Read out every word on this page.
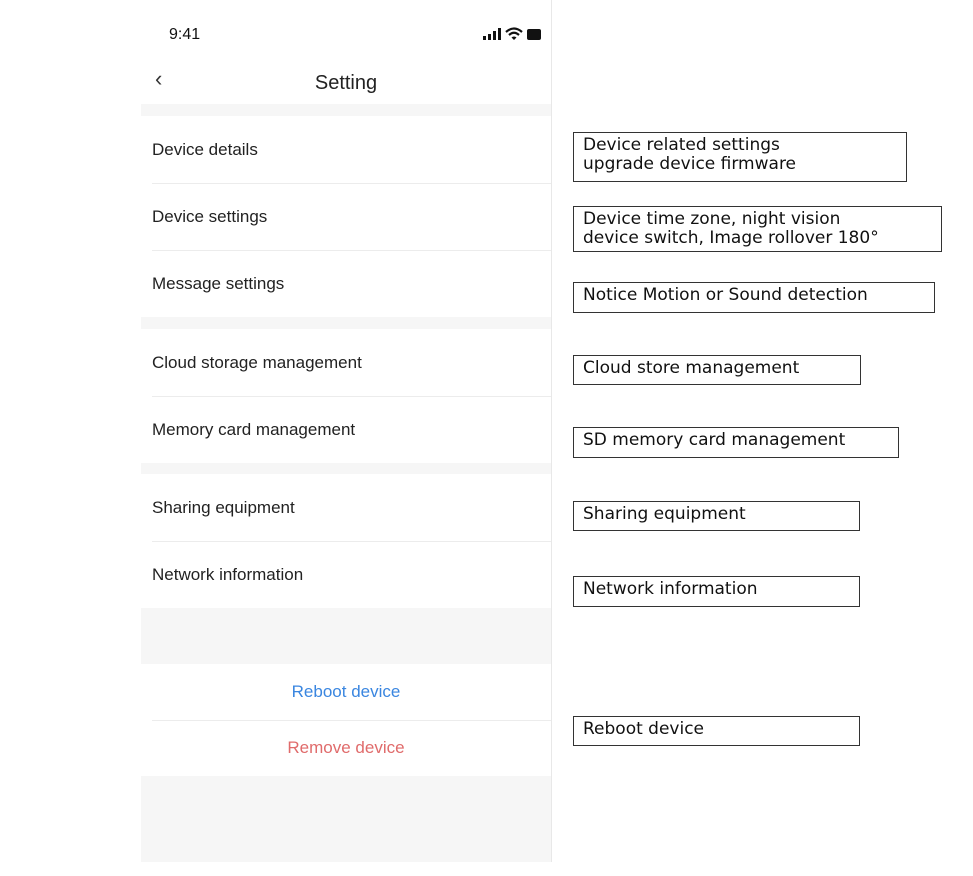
9:41
‹	Setting
Device details
Device settings
Message settings
Cloud storage management
Memory card management
Sharing equipment
Network information
Reboot device
Remove device
Device related settings
upgrade device firmware
Device time zone, night vision
device switch, Image rollover 180°
Notice Motion or Sound detection
Cloud store management
SD memory card management
Sharing equipment
Network information
Reboot device
